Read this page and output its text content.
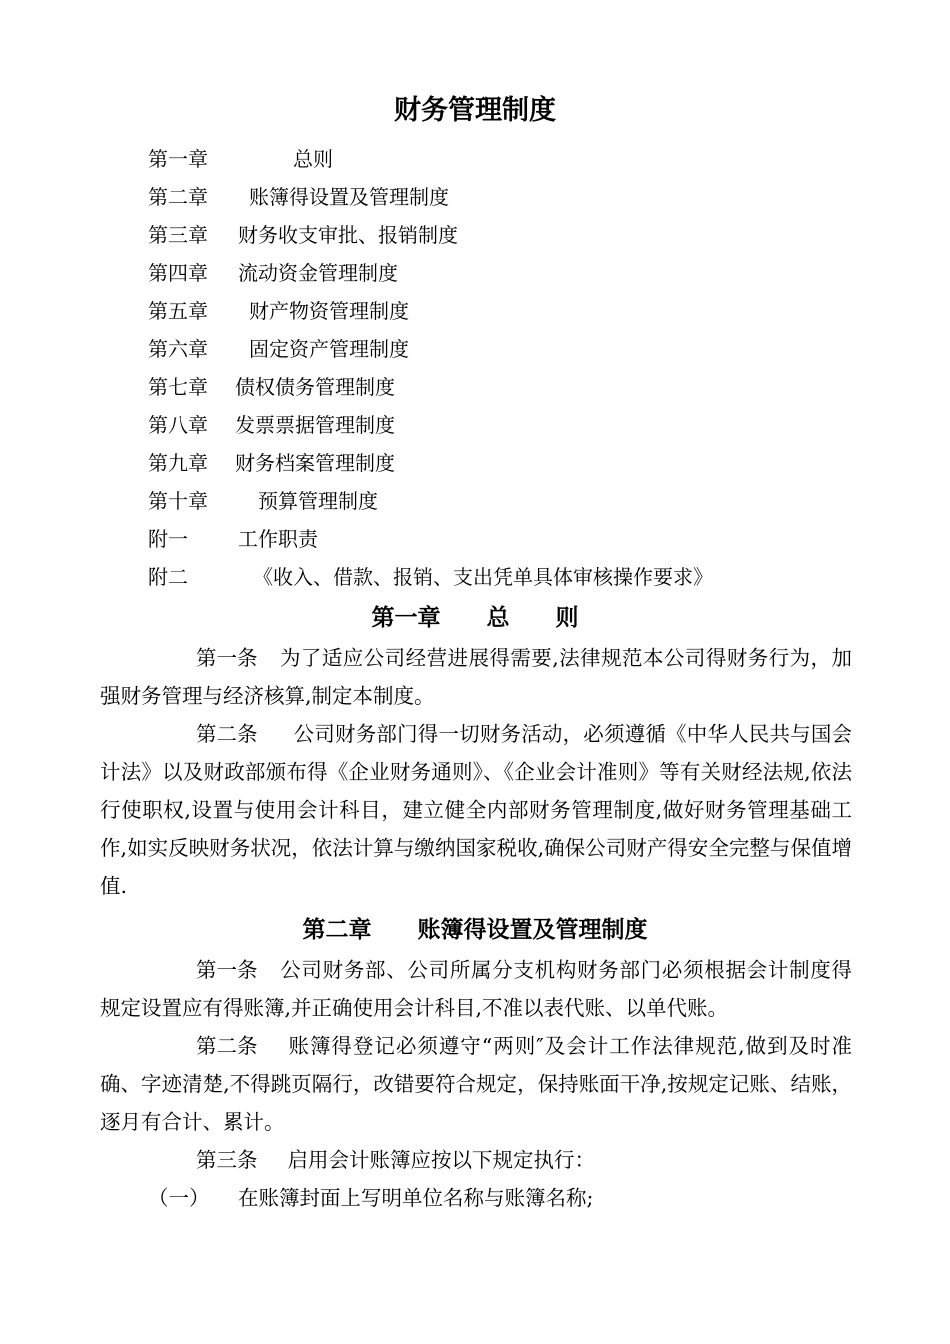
财务管理制度
第一章	总则
第二章 账簿得设置及管理制度
第三章 财务收支审批、报销制度
第四章 流动资金管理制度
第五章 财产物资管理制度
第六章 固定资产管理制度
第七章 债权债务管理制度
第八章 发票票据管理制度
第九章 财务档案管理制度
第十章	预算管理制度
附一	工作职责
附二	《收入、借款、报销、支出凭单具体审核操作要求》
第一章　　总　　则

第一条 为了适应公司经营进展得需要,法律规范本公司得财务行为，加强财务管理与经济核算,制定本制度。

第二条 公司财务部门得一切财务活动，必须遵循《中华人民共与国会计法》以及财政部颁布得《企业财务通则》、《企业会计准则》等有关财经法规,依法行使职权,设置与使用会计科目，建立健全内部财务管理制度,做好财务管理基础工作,如实反映财务状况，依法计算与缴纳国家税收,确保公司财产得安全完整与保值增值.

第二章　　账簿得设置及管理制度

第一条 公司财务部、公司所属分支机构财务部门必须根据会计制度得规定设置应有得账簿,并正确使用会计科目,不准以表代账、以单代账。

第二条 账簿得登记必须遵守“两则″及会计工作法律规范,做到及时准确、字迹清楚,不得跳页隔行，改错要符合规定，保持账面干净,按规定记账、结账，逐月有合计、累计。

第三条 启用会计账簿应按以下规定执行：

（一） 在账簿封面上写明单位名称与账簿名称;
